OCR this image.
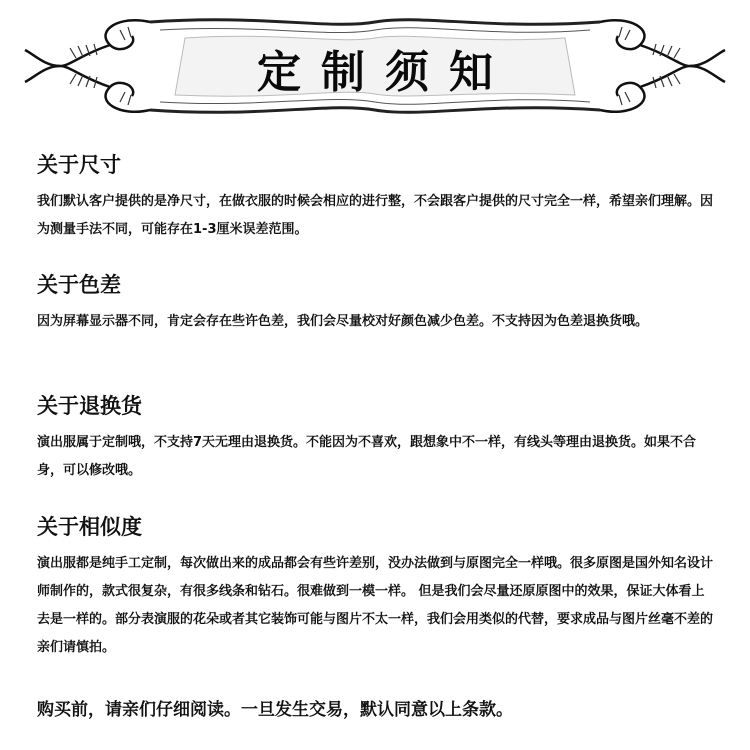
定制须知
关于尺寸

我们默认客户提供的是净尺寸，在做衣服的时候会相应的进行整，不会跟客户提供的尺寸完全一样，希望亲们理解。因为测量手法不同，可能存在1-3厘米误差范围。

关于色差

因为屏幕显示器不同，肯定会存在些许色差，我们会尽量校对好颜色减少色差。不支持因为色差退换货哦。

关于退换货

演出服属于定制哦，不支持7天无理由退换货。不能因为不喜欢，跟想象中不一样，有线头等理由退换货。如果不合身，可以修改哦。

关于相似度

演出服都是纯手工定制，每次做出来的成品都会有些许差别，没办法做到与原图完全一样哦。很多原图是国外知名设计师制作的，款式很复杂，有很多线条和钻石。很难做到一模一样。 但是我们会尽量还原原图中的效果，保证大体看上去是一样的。部分表演服的花朵或者其它装饰可能与图片不太一样，我们会用类似的代替，要求成品与图片丝毫不差的亲们请慎拍。

购买前，请亲们仔细阅读。一旦发生交易，默认同意以上条款。
